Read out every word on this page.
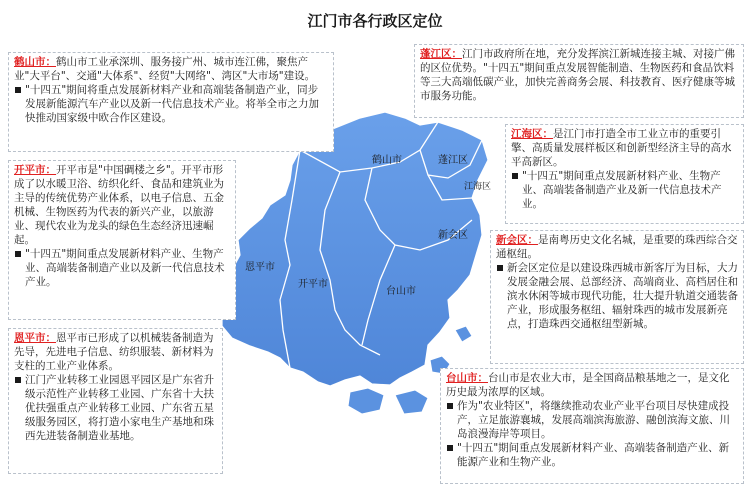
江门市各行政区定位
鹤山市	蓬江区
江海区
新会区
恩平市
开平市
台山市

鹤山市：鹤山市工业承深圳、服务接广州、城市连江佛，聚焦产业"大平台"、交通"大体系"、经贸"大网络"、湾区"大市场"建设。

"十四五"期间将重点发展新材料产业和高端装备制造产业，同步发展新能源汽车产业以及新一代信息技术产业。将举全市之力加快推动国家级中欧合作区建设。

开平市：开平市是"中国碉楼之乡"。开平市形成了以水暖卫浴、纺织化纤、食品和建筑业为主导的传统优势产业体系，以电子信息、五金机械、生物医药为代表的新兴产业，以旅游业、现代农业为龙头的绿色生态经济迅速崛起。

"十四五"期间重点发展新材料产业、生物产业、高端装备制造产业以及新一代信息技术产业。

恩平市：恩平市已形成了以机械装备制造为先导，先进电子信息、纺织服装、新材料为支柱的工业产业体系。

江门产业转移工业园恩平园区是广东省升级示范性产业转移工业园、广东省十大扶优扶强重点产业转移工业园、广东省五星级服务园区，将打造小家电生产基地和珠西先进装备制造业基地。

蓬江区：江门市政府所在地，充分发挥滨江新城连接主城、对接广佛的区位优势。"十四五"期间重点发展智能制造、生物医药和食品饮料等三大高端低碳产业，加快完善商务会展、科技教育、医疗健康等城市服务功能。

江海区：是江门市打造全市工业立市的重要引擎、高质量发展样板区和创新型经济主导的高水平高新区。

"十四五"期间重点发展新材料产业、生物产业、高端装备制造产业及新一代信息技术产业。

新会区：是南粤历史文化名城，是重要的珠西综合交通枢纽。

新会区定位是以建设珠西城市新客厅为目标，大力发展金融会展、总部经济、高端商业、高档居住和滨水休闲等城市现代功能，壮大提升轨道交通装备产业，形成服务枢纽、辐射珠西的城市发展新亮点，打造珠西交通枢纽型新城。

台山市：台山市是农业大市，是全国商品粮基地之一，是文化历史最为浓厚的区域。

作为"农业特区"，将继续推动农业产业平台项目尽快建成投产，立足旅游襄城，发展高端滨海旅游、融创滨海文旅、川岛浪漫海岸等项目。
"十四五"期间重点发展新材料产业、高端装备制造产业、新能源产业和生物产业。
